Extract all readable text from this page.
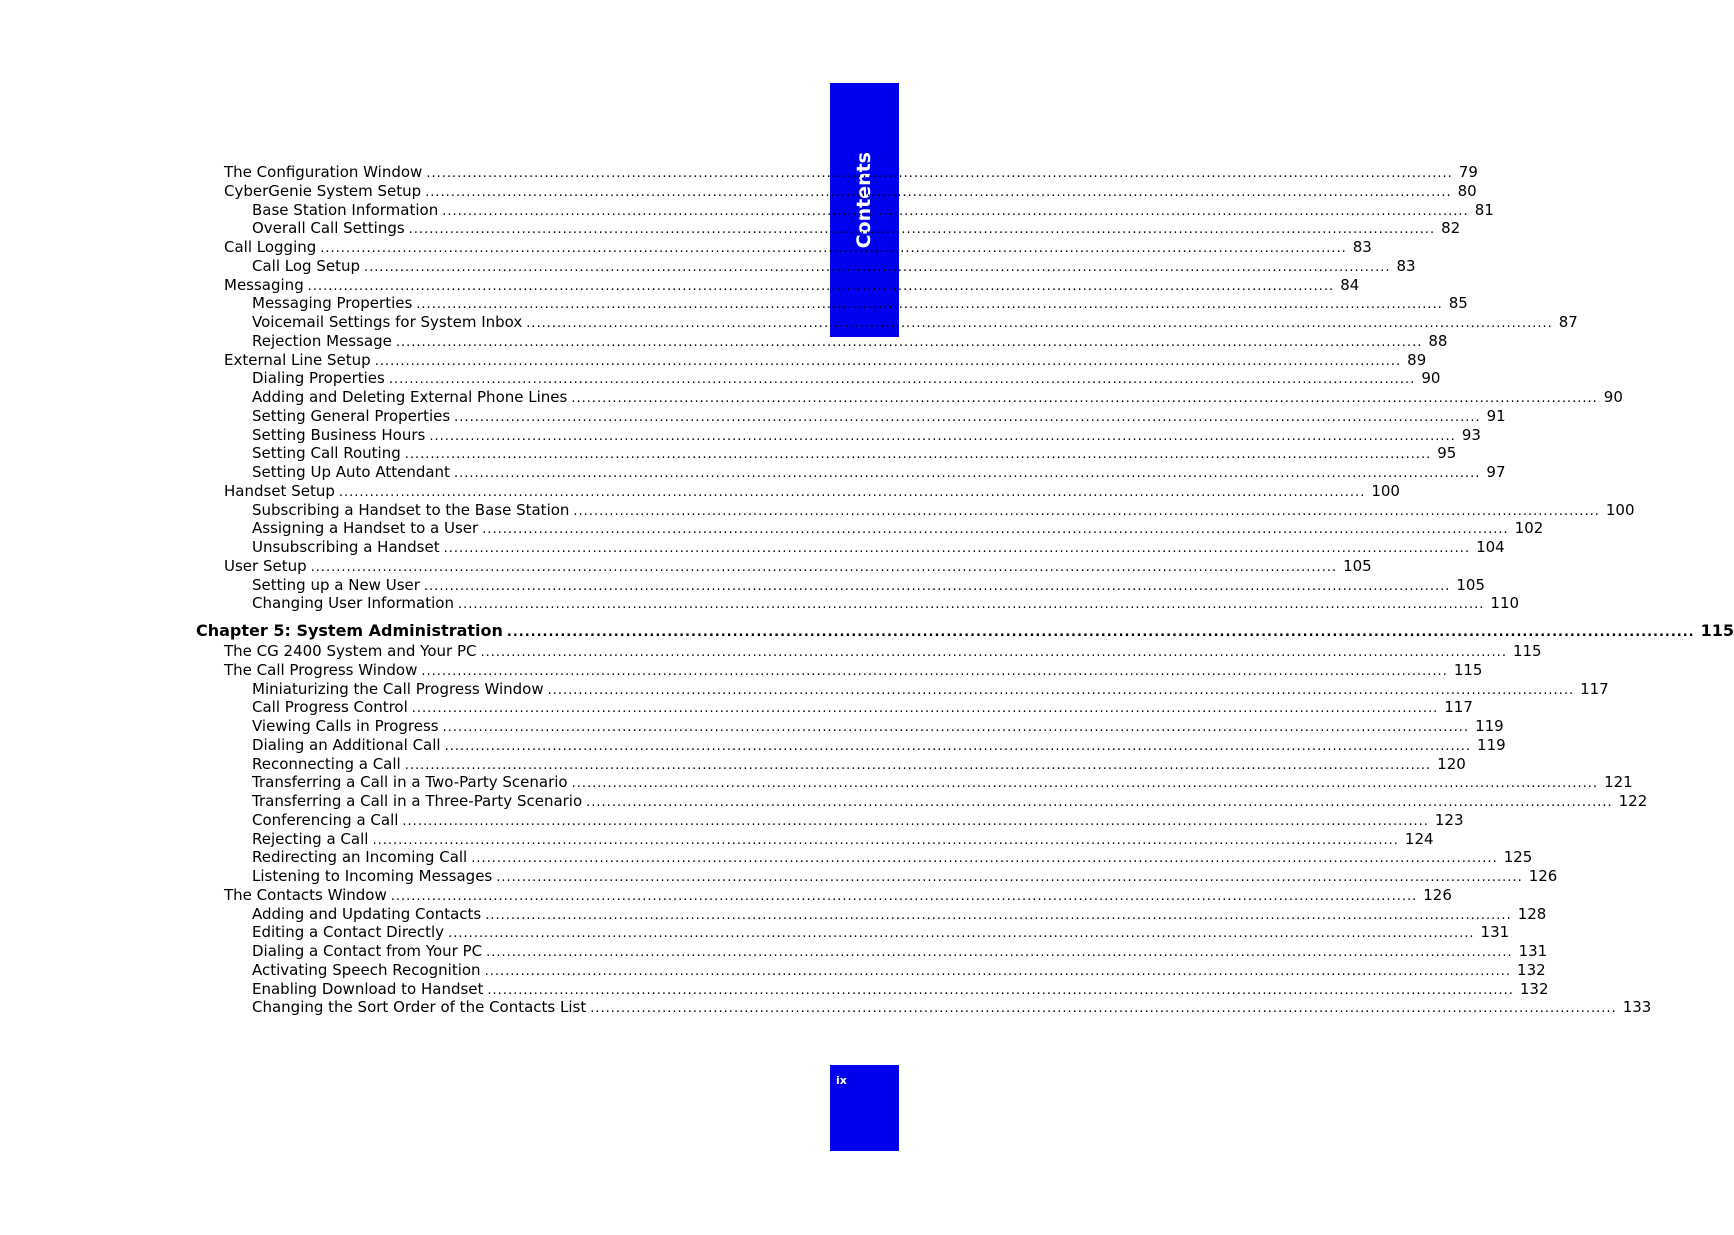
Contents
ix
The Configuration Window ........................................................................................................................................................................................................ 79
CyberGenie System Setup ........................................................................................................................................................................................................ 80
Base Station Information ........................................................................................................................................................................................................ 81
Overall Call Settings ........................................................................................................................................................................................................ 82
Call Logging ........................................................................................................................................................................................................ 83
Call Log Setup ........................................................................................................................................................................................................ 83
Messaging ........................................................................................................................................................................................................ 84
Messaging Properties ........................................................................................................................................................................................................ 85
Voicemail Settings for System Inbox ........................................................................................................................................................................................................ 87
Rejection Message ........................................................................................................................................................................................................ 88
External Line Setup ........................................................................................................................................................................................................ 89
Dialing Properties ........................................................................................................................................................................................................ 90
Adding and Deleting External Phone Lines ........................................................................................................................................................................................................ 90
Setting General Properties ........................................................................................................................................................................................................ 91
Setting Business Hours ........................................................................................................................................................................................................ 93
Setting Call Routing ........................................................................................................................................................................................................ 95
Setting Up Auto Attendant ........................................................................................................................................................................................................ 97
Handset Setup ........................................................................................................................................................................................................ 100
Subscribing a Handset to the Base Station ........................................................................................................................................................................................................ 100
Assigning a Handset to a User ........................................................................................................................................................................................................ 102
Unsubscribing a Handset ........................................................................................................................................................................................................ 104
User Setup ........................................................................................................................................................................................................ 105
Setting up a New User ........................................................................................................................................................................................................ 105
Changing User Information ........................................................................................................................................................................................................ 110
Chapter 5: System Administration ........................................................................................................................................................................................................ 115
The CG 2400 System and Your PC ........................................................................................................................................................................................................ 115
The Call Progress Window ........................................................................................................................................................................................................ 115
Miniaturizing the Call Progress Window ........................................................................................................................................................................................................ 117
Call Progress Control ........................................................................................................................................................................................................ 117
Viewing Calls in Progress ........................................................................................................................................................................................................ 119
Dialing an Additional Call ........................................................................................................................................................................................................ 119
Reconnecting a Call ........................................................................................................................................................................................................ 120
Transferring a Call in a Two-Party Scenario ........................................................................................................................................................................................................ 121
Transferring a Call in a Three-Party Scenario ........................................................................................................................................................................................................ 122
Conferencing a Call ........................................................................................................................................................................................................ 123
Rejecting a Call ........................................................................................................................................................................................................ 124
Redirecting an Incoming Call ........................................................................................................................................................................................................ 125
Listening to Incoming Messages ........................................................................................................................................................................................................ 126
The Contacts Window ........................................................................................................................................................................................................ 126
Adding and Updating Contacts ........................................................................................................................................................................................................ 128
Editing a Contact Directly ........................................................................................................................................................................................................ 131
Dialing a Contact from Your PC ........................................................................................................................................................................................................ 131
Activating Speech Recognition ........................................................................................................................................................................................................ 132
Enabling Download to Handset ........................................................................................................................................................................................................ 132
Changing the Sort Order of the Contacts List ........................................................................................................................................................................................................ 133
